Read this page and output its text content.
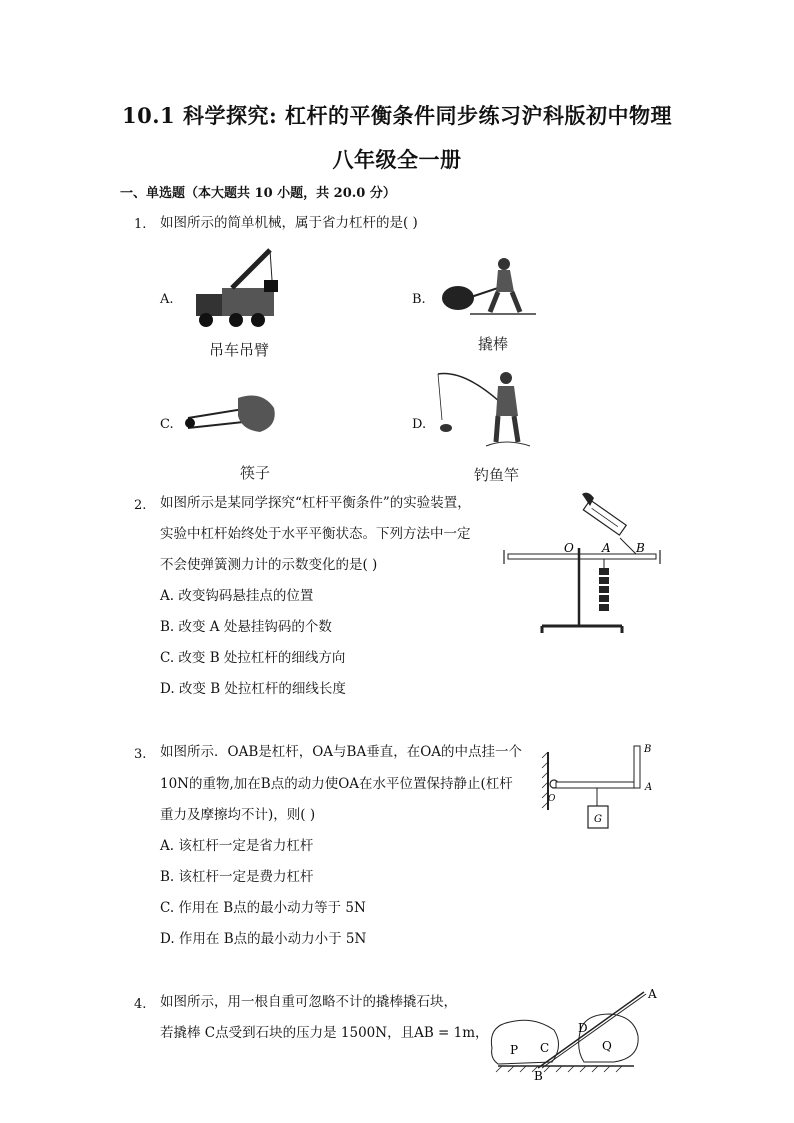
10.1 科学探究: 杠杆的平衡条件同步练习沪科版初中物理
八年级全一册
一、单选题（本大题共 10 小题，共 20.0 分）
1. 如图所示的简单机械，属于省力杠杆的是( )
A.
吊车吊臂
B.
撬棒
C.
筷子
D.
钓鱼竿
2. 如图所示是某同学探究“杠杆平衡条件”的实验装置，
实验中杠杆始终处于水平平衡状态。下列方法中一定
不会使弹簧测力计的示数变化的是( )
A. 改变钩码悬挂点的位置
B. 改变 A 处悬挂钩码的个数
C. 改变 B 处拉杠杆的细线方向
D. 改变 B 处拉杠杆的细线长度
O A B
3. 如图所示．OAB是杠杆，OA与BA垂直，在OA的中点挂一个
10N的重物,加在B点的动力使OA在水平位置保持静止(杠杆
重力及摩擦均不计)，则( )
A. 该杠杆一定是省力杠杆
B. 该杠杆一定是费力杠杆
C. 作用在 B点的最小动力等于 5N
D. 作用在 B点的最小动力小于 5N
B
O
A
G
4. 如图所示，用一根自重可忽略不计的撬棒撬石块，
若撬棒 C点受到石块的压力是 1500N，且AB = 1m，
A
D
P C	Q
B
